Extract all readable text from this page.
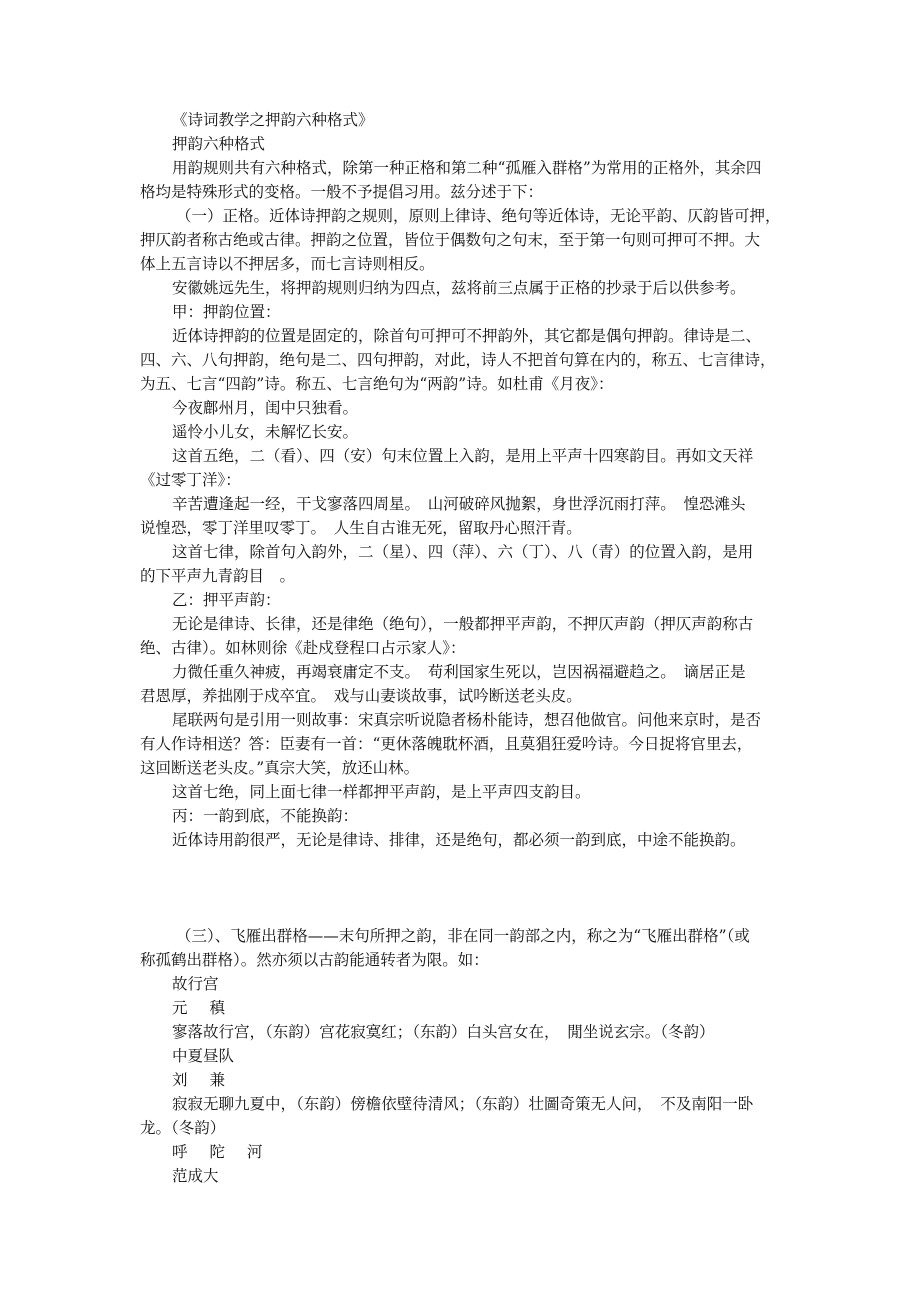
《诗词教学之押韵六种格式》
押韵六种格式
用韵规则共有六种格式，除第一种正格和第二种“孤雁入群格”为常用的正格外，其余四
格均是特殊形式的变格。一般不予提倡习用。兹分述于下：
（一）正格。近体诗押韵之规则，原则上律诗、绝句等近体诗，无论平韵、仄韵皆可押，
押仄韵者称古绝或古律。押韵之位置，皆位于偶数句之句末，至于第一句则可押可不押。大
体上五言诗以不押居多，而七言诗则相反。
安徽姚远先生，将押韵规则归纳为四点，兹将前三点属于正格的抄录于后以供参考。
甲：押韵位置：
近体诗押韵的位置是固定的，除首句可押可不押韵外，其它都是偶句押韵。律诗是二、
四、六、八句押韵，绝句是二、四句押韵，对此，诗人不把首句算在内的，称五、七言律诗，
为五、七言“四韵”诗。称五、七言绝句为“两韵”诗。如杜甫《月夜》：
今夜鄜州月，闺中只独看。
遥怜小儿女，未解忆长安。
这首五绝，二（看）、四（安）句末位置上入韵，是用上平声十四寒韵目。再如文天祥
《过零丁洋》：
辛苦遭逢起一经，干戈寥落四周星。　山河破碎风抛絮，身世浮沉雨打萍。　惶恐滩头
说惶恐，零丁洋里叹零丁。　人生自古谁无死，留取丹心照汗青。
这首七律，除首句入韵外，二（星）、四（萍）、六（丁）、八（青）的位置入韵，是用
的下平声九青韵目　。
乙：押平声韵：
无论是律诗、长律，还是律绝（绝句），一般都押平声韵，不押仄声韵（押仄声韵称古
绝、古律）。如林则徐《赴戍登程口占示家人》：
力微任重久神疲，再竭衰庸定不支。　苟利国家生死以，岂因祸福避趋之。　谪居正是
君恩厚，养拙刚于戍卒宜。　戏与山妻谈故事，试吟断送老头皮。
尾联两句是引用一则故事：宋真宗听说隐者杨朴能诗，想召他做官。问他来京时，是否
有人作诗相送？答：臣妻有一首：“更休落魄耽杯酒，且莫猖狂爱吟诗。今日捉将官里去，
这回断送老头皮。”真宗大笑，放还山林。
这首七绝，同上面七律一样都押平声韵，是上平声四支韵目。
丙：一韵到底，不能换韵：
近体诗用韵很严，无论是律诗、排律，还是绝句，都必须一韵到底，中途不能换韵。
（三）、飞雁出群格——末句所押之韵，非在同一韵部之内，称之为“飞雁出群格”（或
称孤鹤出群格）。然亦须以古韵能通转者为限。如：
故行宫
元稹
寥落故行宫，（东韵）宫花寂寞红；（东韵）白头宫女在，　閒坐说玄宗。（冬韵）
中夏昼队
刘兼
寂寂无聊九夏中，（东韵）傍檐依壁待清风；（东韵）壮圖奇策无人问，　不及南阳一卧
龙。（冬韵）
呼陀河
范成大
